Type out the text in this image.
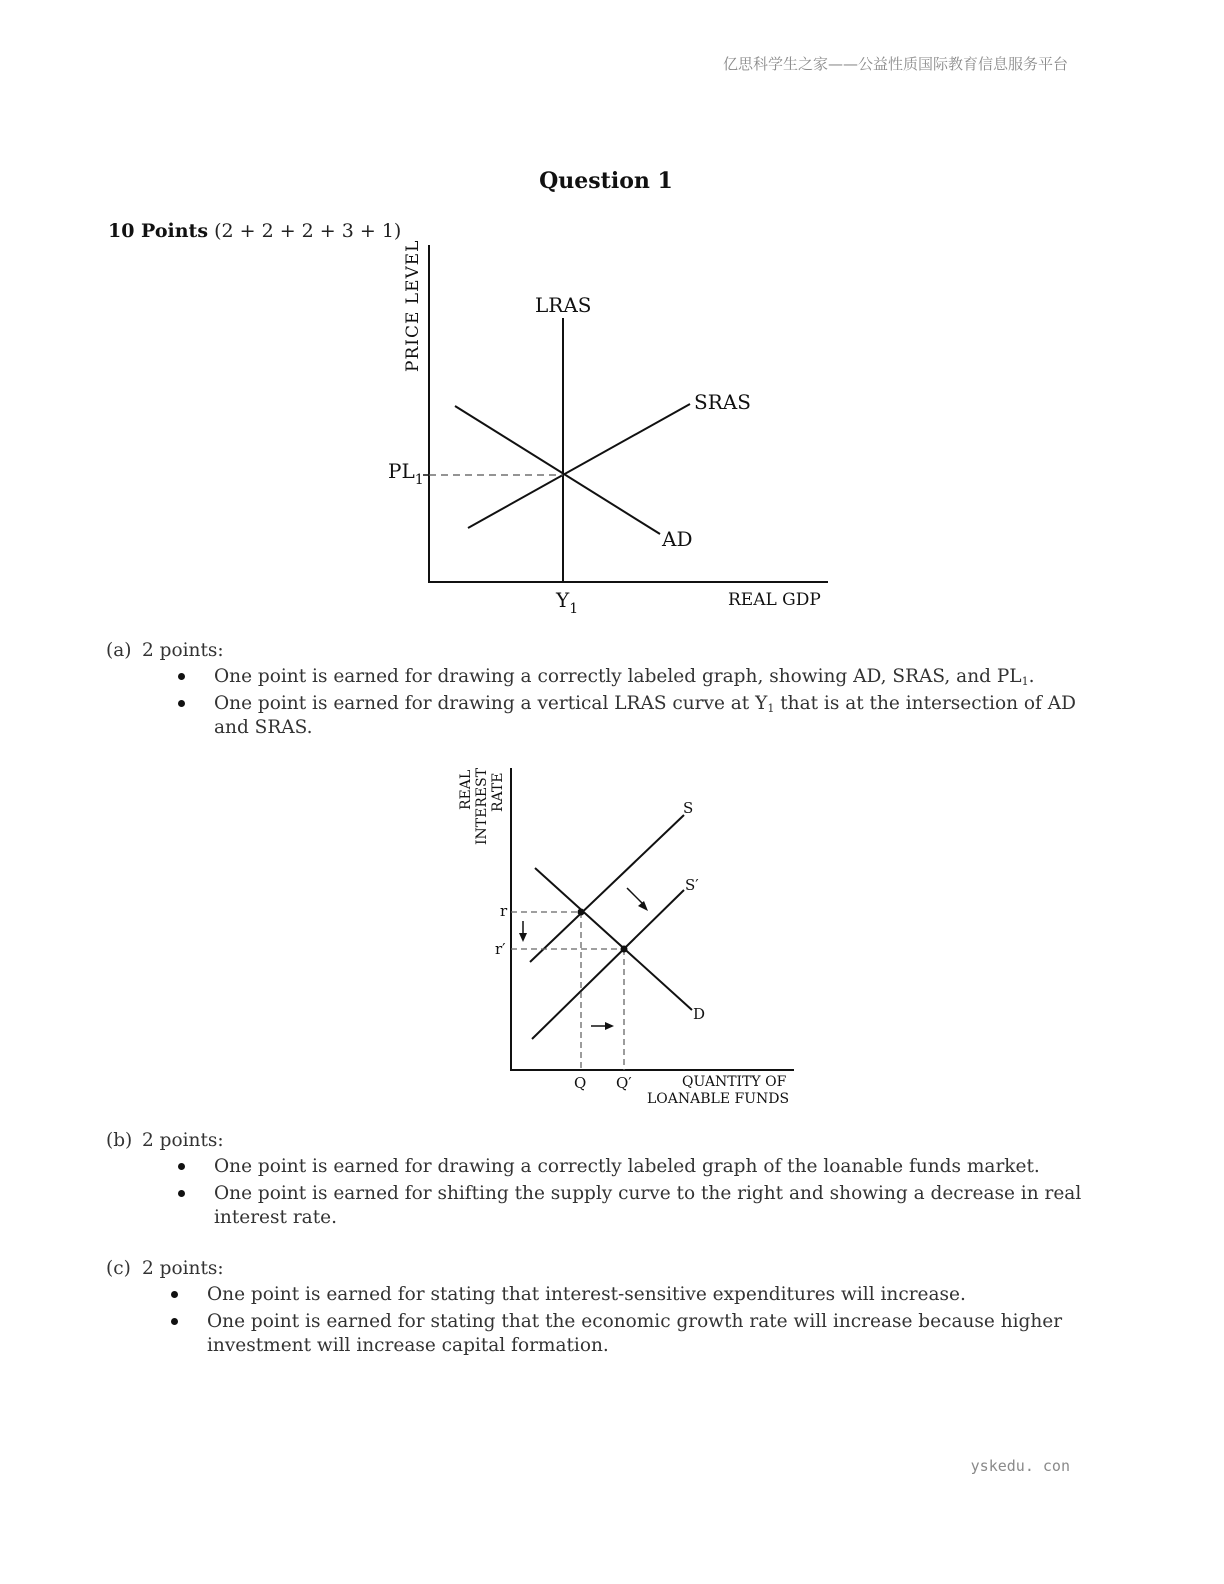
亿思科学生之家——公益性质国际教育信息服务平台
Question 1
10 Points (2 + 2 + 2 + 3 + 1)
PRICE LEVEL
REAL GDP
LRAS
SRAS
AD
$PL_1$
$Y_1$
(a) 2 points:
One point is earned for drawing a correctly labeled graph, showing AD, SRAS, and $PL_1$.
One point is earned for drawing a vertical LRAS curve at $Y_1$ that is at the intersection of AD and SRAS.
REAL INTEREST RATE
QUANTITY OF
LOANABLE FUNDS
S
S′
D
r
r′
Q Q′
(b) 2 points:
One point is earned for drawing a correctly labeled graph of the loanable funds market.
One point is earned for shifting the supply curve to the right and showing a decrease in real interest rate.
(c) 2 points:
One point is earned for stating that interest-sensitive expenditures will increase.
One point is earned for stating that the economic growth rate will increase because higher investment will increase capital formation.
yskedu. con
